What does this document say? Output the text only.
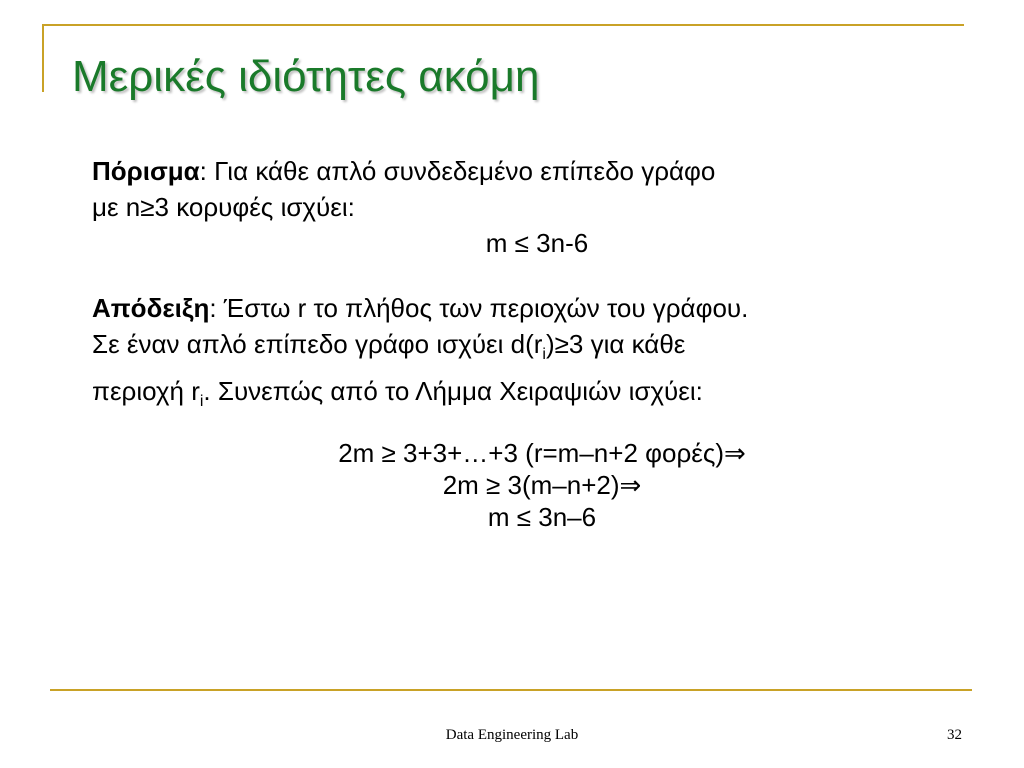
Μερικές ιδιότητες ακόμη
Πόρισμα: Για κάθε απλό συνδεδεμένο επίπεδο γράφο
με n≥3 κορυφές ισχύει:
m ≤ 3n-6
Απόδειξη: Έστω r το πλήθος των περιοχών του γράφου.
Σε έναν απλό επίπεδο γράφο ισχύει $d(r_i)\ge 3$ για κάθε
περιοχή $r_i$. Συνεπώς από το Λήμμα Χειραψιών ισχύει:
2m ≥ 3+3+…+3 (r=m–n+2 φορές)⇒
2m ≥ 3(m–n+2)⇒
m ≤ 3n–6
Data Engineering Lab	32
